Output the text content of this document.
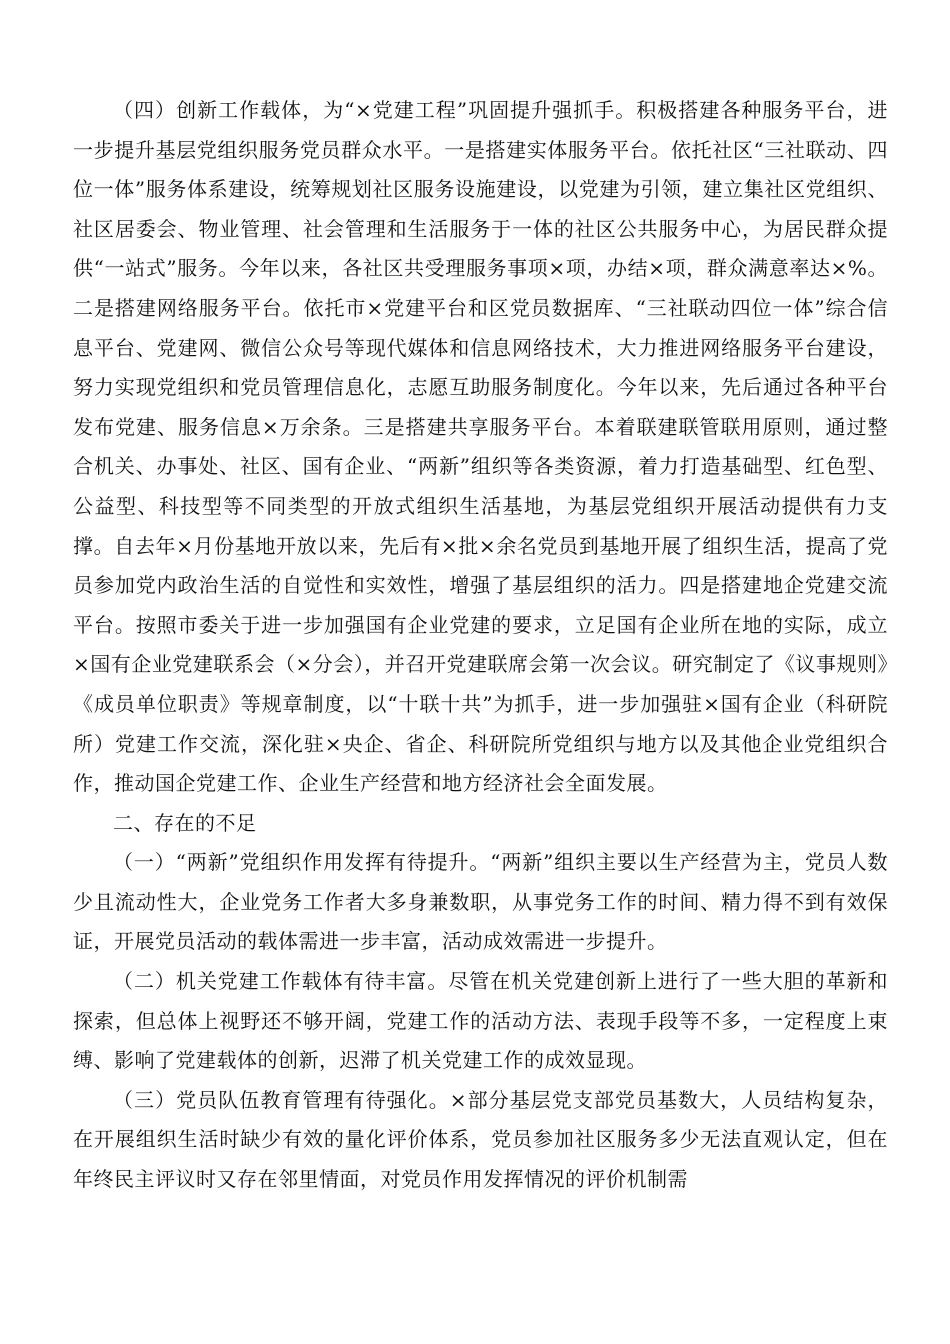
（四）创新工作载体，为“×党建工程”巩固提升强抓手。积极搭建各种服务平台，进一步提升基层党组织服务党员群众水平。一是搭建实体服务平台。依托社区“三社联动、四位一体”服务体系建设，统筹规划社区服务设施建设，以党建为引领，建立集社区党组织、社区居委会、物业管理、社会管理和生活服务于一体的社区公共服务中心，为居民群众提供“一站式”服务。今年以来，各社区共受理服务事项×项，办结×项，群众满意率达×%。二是搭建网络服务平台。依托市×党建平台和区党员数据库、“三社联动四位一体”综合信息平台、党建网、微信公众号等现代媒体和信息网络技术，大力推进网络服务平台建设，努力实现党组织和党员管理信息化，志愿互助服务制度化。今年以来，先后通过各种平台发布党建、服务信息×万余条。三是搭建共享服务平台。本着联建联管联用原则，通过整合机关、办事处、社区、国有企业、“两新”组织等各类资源，着力打造基础型、红色型、公益型、科技型等不同类型的开放式组织生活基地，为基层党组织开展活动提供有力支撑。自去年×月份基地开放以来，先后有×批×余名党员到基地开展了组织生活，提高了党员参加党内政治生活的自觉性和实效性，增强了基层组织的活力。四是搭建地企党建交流平台。按照市委关于进一步加强国有企业党建的要求，立足国有企业所在地的实际，成立×国有企业党建联系会（×分会），并召开党建联席会第一次会议。研究制定了《议事规则》《成员单位职责》等规章制度，以“十联十共”为抓手，进一步加强驻×国有企业（科研院所）党建工作交流，深化驻×央企、省企、科研院所党组织与地方以及其他企业党组织合作，推动国企党建工作、企业生产经营和地方经济社会全面发展。

二、存在的不足

（一）“两新”党组织作用发挥有待提升。“两新”组织主要以生产经营为主，党员人数少且流动性大，企业党务工作者大多身兼数职，从事党务工作的时间、精力得不到有效保证，开展党员活动的载体需进一步丰富，活动成效需进一步提升。

（二）机关党建工作载体有待丰富。尽管在机关党建创新上进行了一些大胆的革新和探索，但总体上视野还不够开阔，党建工作的活动方法、表现手段等不多，一定程度上束缚、影响了党建载体的创新，迟滞了机关党建工作的成效显现。

（三）党员队伍教育管理有待强化。×部分基层党支部党员基数大，人员结构复杂，在开展组织生活时缺少有效的量化评价体系，党员参加社区服务多少无法直观认定，但在年终民主评议时又存在邻里情面，对党员作用发挥情况的评价机制需
